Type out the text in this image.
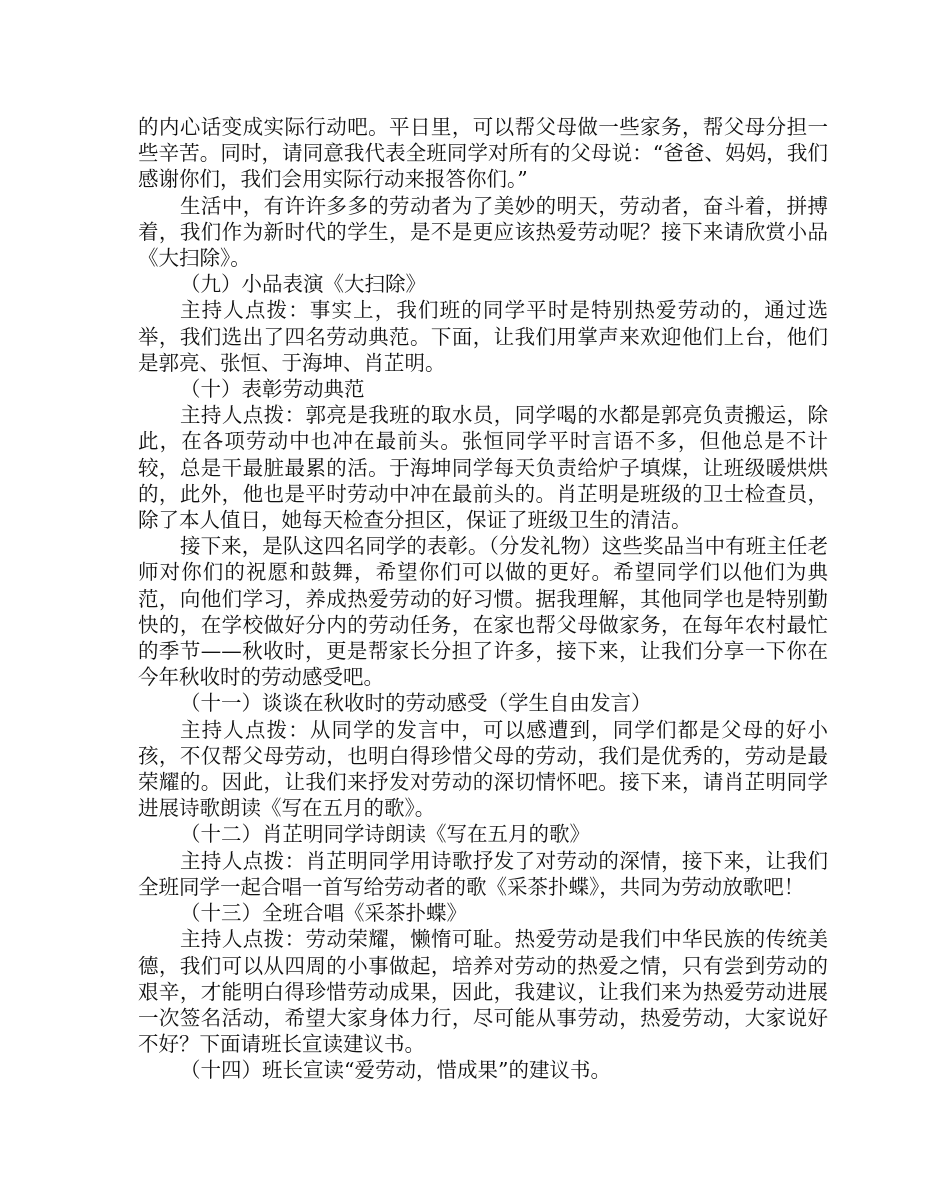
的内心话变成实际行动吧。平日里，可以帮父母做一些家务，帮父母分担一些辛苦。同时，请同意我代表全班同学对所有的父母说：“爸爸、妈妈，我们感谢你们，我们会用实际行动来报答你们。”

生活中，有许许多多的劳动者为了美妙的明天，劳动者，奋斗着，拼搏着，我们作为新时代的学生，是不是更应该热爱劳动呢？接下来请欣赏小品《大扫除》。

（九）小品表演《大扫除》

主持人点拨：事实上，我们班的同学平时是特别热爱劳动的，通过选举，我们选出了四名劳动典范。下面，让我们用掌声来欢迎他们上台，他们是郭亮、张恒、于海坤、肖芷明。

（十）表彰劳动典范

主持人点拨：郭亮是我班的取水员，同学喝的水都是郭亮负责搬运，除此，在各项劳动中也冲在最前头。张恒同学平时言语不多，但他总是不计较，总是干最脏最累的活。于海坤同学每天负责给炉子填煤，让班级暖烘烘的，此外，他也是平时劳动中冲在最前头的。肖芷明是班级的卫士检查员，除了本人值日，她每天检查分担区，保证了班级卫生的清洁。

接下来，是队这四名同学的表彰。（分发礼物）这些奖品当中有班主任老师对你们的祝愿和鼓舞，希望你们可以做的更好。希望同学们以他们为典范，向他们学习，养成热爱劳动的好习惯。据我理解，其他同学也是特别勤快的，在学校做好分内的劳动任务，在家也帮父母做家务，在每年农村最忙的季节——秋收时，更是帮家长分担了许多，接下来，让我们分享一下你在今年秋收时的劳动感受吧。

（十一）谈谈在秋收时的劳动感受（学生自由发言）

主持人点拨：从同学的发言中，可以感遭到，同学们都是父母的好小孩，不仅帮父母劳动，也明白得珍惜父母的劳动，我们是优秀的，劳动是最荣耀的。因此，让我们来抒发对劳动的深切情怀吧。接下来，请肖芷明同学进展诗歌朗读《写在五月的歌》。

（十二）肖芷明同学诗朗读《写在五月的歌》

主持人点拨：肖芷明同学用诗歌抒发了对劳动的深情，接下来，让我们全班同学一起合唱一首写给劳动者的歌《采茶扑蝶》，共同为劳动放歌吧！

（十三）全班合唱《采茶扑蝶》

主持人点拨：劳动荣耀，懒惰可耻。热爱劳动是我们中华民族的传统美德，我们可以从四周的小事做起，培养对劳动的热爱之情，只有尝到劳动的艰辛，才能明白得珍惜劳动成果，因此，我建议，让我们来为热爱劳动进展一次签名活动，希望大家身体力行，尽可能从事劳动，热爱劳动，大家说好不好？下面请班长宣读建议书。

（十四）班长宣读“爱劳动，惜成果”的建议书。
